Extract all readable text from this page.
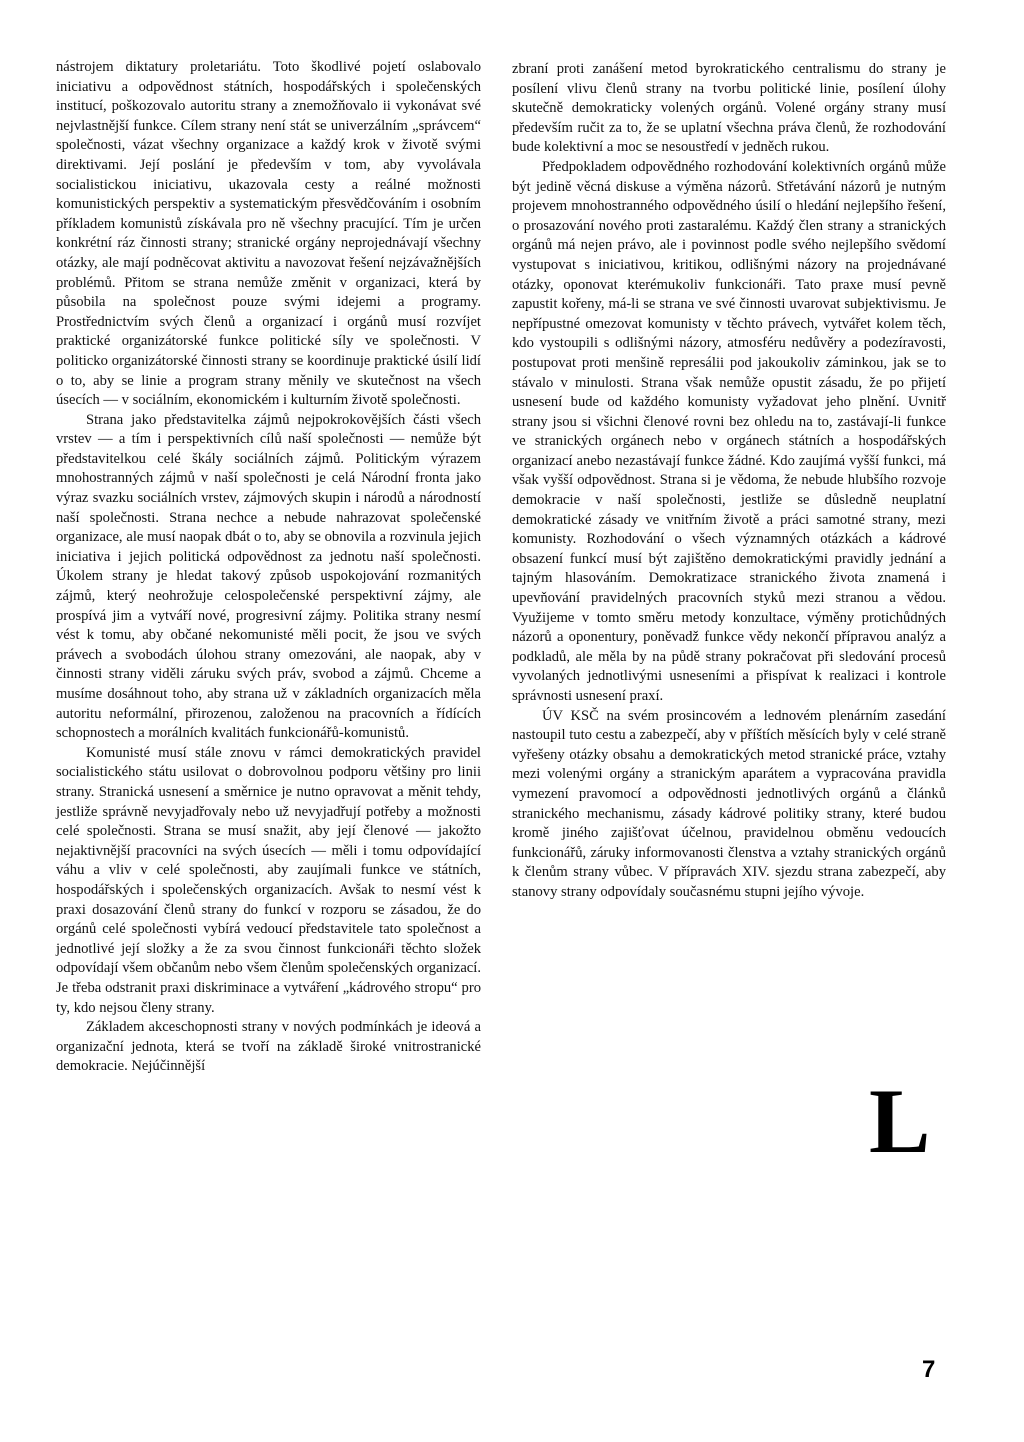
nástrojem diktatury proletariátu. Toto škodlivé pojetí oslabovalo iniciativu a odpovědnost státních, hospodářských i společenských institucí, poškozovalo autoritu strany a znemožňovalo ii vykonávat své nejvlastnější funkce. Cílem strany není stát se univerzálním „správcem“ společnosti, vázat všechny organizace a každý krok v životě svými direktivami. Její poslání je především v tom, aby vyvolávala socialistickou iniciativu, ukazovala cesty a reálné možnosti komunistických perspektiv a systematickým přesvědčováním i osobním příkladem komunistů získávala pro ně všechny pracující. Tím je určen konkrétní ráz činnosti strany; stranické orgány neprojednávají všechny otázky, ale mají podněcovat aktivitu a navozovat řešení nejzávažnějších problémů. Přitom se strana nemůže změnit v organizaci, která by působila na společnost pouze svými idejemi a programy. Prostřednictvím svých členů a organizací i orgánů musí rozvíjet praktické organizátorské funkce politické síly ve společnosti. V politicko organizátorské činnosti strany se koordinuje praktické úsilí lidí o to, aby se linie a program strany měnily ve skutečnost na všech úsecích — v sociálním, ekonomickém i kulturním životě společnosti.

Strana jako představitelka zájmů nejpokrokovějších části všech vrstev — a tím i perspektivních cílů naší společnosti — nemůže být představitelkou celé škály sociálních zájmů. Politickým výrazem mnohostranných zájmů v naší společnosti je celá Národní fronta jako výraz svazku sociálních vrstev, zájmových skupin i národů a národností naší společnosti. Strana nechce a nebude nahrazovat společenské organizace, ale musí naopak dbát o to, aby se obnovila a rozvinula jejich iniciativa i jejich politická odpovědnost za jednotu naší společnosti. Úkolem strany je hledat takový způsob uspokojování rozmanitých zájmů, který neohrožuje celospolečenské perspektivní zájmy, ale prospívá jim a vytváří nové, progresivní zájmy. Politika strany nesmí vést k tomu, aby občané nekomunisté měli pocit, že jsou ve svých právech a svobodách úlohou strany omezováni, ale naopak, aby v činnosti strany viděli záruku svých práv, svobod a zájmů. Chceme a musíme dosáhnout toho, aby strana už v základních organizacích měla autoritu neformální, přirozenou, založenou na pracovních a řídících schopnostech a morálních kvalitách funkcionářů-komunistů.

Komunisté musí stále znovu v rámci demokratických pravidel socialistického státu usilovat o dobrovolnou podporu většiny pro linii strany. Stranická usnesení a směrnice je nutno opravovat a měnit tehdy, jestliže správně nevyjadřovaly nebo už nevyjadřují potřeby a možnosti celé společnosti. Strana se musí snažit, aby její členové — jakožto nejaktivnější pracovníci na svých úsecích — měli i tomu odpovídající váhu a vliv v celé společnosti, aby zaujímali funkce ve státních, hospodářských i společenských organizacích. Avšak to nesmí vést k praxi dosazování členů strany do funkcí v rozporu se zásadou, že do orgánů celé společnosti vybírá vedoucí představitele tato společnost a jednotlivé její složky a že za svou činnost funkcionáři těchto složek odpovídají všem občanům nebo všem členům společenských organizací. Je třeba odstranit praxi diskriminace a vytváření „kádrového stropu“ pro ty, kdo nejsou členy strany.

Základem akceschopnosti strany v nových podmínkách je ideová a organizační jednota, která se tvoří na základě široké vnitrostranické demokracie. Nejúčinnější

zbraní proti zanášení metod byrokratického centralismu do strany je posílení vlivu členů strany na tvorbu politické linie, posílení úlohy skutečně demokraticky volených orgánů. Volené orgány strany musí především ručit za to, že se uplatní všechna práva členů, že rozhodování bude kolektivní a moc se nesoustředí v jedněch rukou.

Předpokladem odpovědného rozhodování kolektivních orgánů může být jedině věcná diskuse a výměna názorů. Střetávání názorů je nutným projevem mnohostranného odpovědného úsilí o hledání nejlepšího řešení, o prosazování nového proti zastaralému. Každý člen strany a stranických orgánů má nejen právo, ale i povinnost podle svého nejlepšího svědomí vystupovat s iniciativou, kritikou, odlišnými názory na projednávané otázky, oponovat kterémukoliv funkcionáři. Tato praxe musí pevně zapustit kořeny, má-li se strana ve své činnosti uvarovat subjektivismu. Je nepřípustné omezovat komunisty v těchto právech, vytvářet kolem těch, kdo vystoupili s odlišnými názory, atmosféru nedůvěry a podezíravosti, postupovat proti menšině represálii pod jakoukoliv záminkou, jak se to stávalo v minulosti. Strana však nemůže opustit zásadu, že po přijetí usnesení bude od každého komunisty vyžadovat jeho plnění. Uvnitř strany jsou si všichni členové rovni bez ohledu na to, zastávají-li funkce ve stranických orgánech nebo v orgánech státních a hospodářských organizací anebo nezastávají funkce žádné. Kdo zaujímá vyšší funkci, má však vyšší odpovědnost. Strana si je vědoma, že nebude hlubšího rozvoje demokracie v naší společnosti, jestliže se důsledně neuplatní demokratické zásady ve vnitřním životě a práci samotné strany, mezi komunisty. Rozhodování o všech významných otázkách a kádrové obsazení funkcí musí být zajištěno demokratickými pravidly jednání a tajným hlasováním. Demokratizace stranického života znamená i upevňování pravidelných pracovních styků mezi stranou a vědou. Využijeme v tomto směru metody konzultace, výměny protichůdných názorů a oponentury, poněvadž funkce vědy nekončí přípravou analýz a podkladů, ale měla by na půdě strany pokračovat při sledování procesů vyvolaných jednotlivými usneseními a přispívat k realizaci i kontrole správnosti usnesení praxí.

ÚV KSČ na svém prosincovém a lednovém plenárním zasedání nastoupil tuto cestu a zabezpečí, aby v příštích měsících byly v celé straně vyřešeny otázky obsahu a demokratických metod stranické práce, vztahy mezi volenými orgány a stranickým aparátem a vypracována pravidla vymezení pravomocí a odpovědnosti jednotlivých orgánů a článků stranického mechanismu, zásady kádrové politiky strany, které budou kromě jiného zajišťovat účelnou, pravidelnou obměnu vedoucích funkcionářů, záruky informovanosti členstva a vztahy stranických orgánů k členům strany vůbec. V přípravách XIV. sjezdu strana zabezpečí, aby stanovy strany odpovídaly současnému stupni jejího vývoje.

L
7
